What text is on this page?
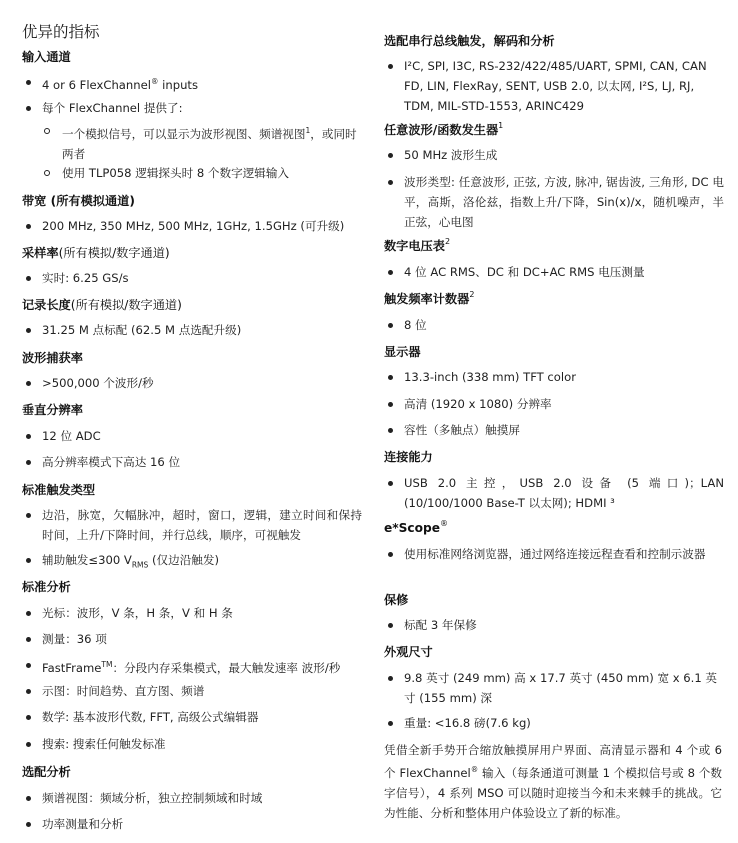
优异的指标
输入通道
4 or 6 FlexChannel® inputs
每个 FlexChannel 提供了:
一个模拟信号，可以显示为波形视图、频谱视图$^1$，或同时两者
使用 TLP058 逻辑探头时 8 个数字逻辑输入
带宽 (所有模拟通道)
200 MHz, 350 MHz, 500 MHz, 1GHz, 1.5GHz (可升级)
采样率(所有模拟/数字通道)
实时: 6.25 GS/s
记录长度(所有模拟/数字通道)
31.25 M 点标配 (62.5 M 点选配升级)
波形捕获率
>500,000 个波形/秒
垂直分辨率
12 位 ADC
高分辨率模式下高达 16 位
标准触发类型
边沿，脉宽，欠幅脉冲，超时，窗口，逻辑，建立时间和保持时间，上升/下降时间，并行总线，顺序，可视触发
辅助触发≤300 $V_{RMS}$ (仅边沿触发)
标准分析
光标：波形，V 条，H 条，V 和 H 条
测量：36 项
FastFrame™：分段内存采集模式，最大触发速率 波形/秒
示图：时间趋势、直方图、频谱
数学: 基本波形代数, FFT, 高级公式编辑器
搜索: 搜索任何触发标准
选配分析
频谱视图：频域分析，独立控制频域和时域
功率测量和分析
选配串行总线触发，解码和分析
I²C, SPI, I3C, RS-232/422/485/UART, SPMI, CAN, CAN FD, LIN, FlexRay, SENT, USB 2.0, 以太网, I²S, LJ, RJ, TDM, MIL-STD-1553, ARINC429
任意波形/函数发生器$^1$
50 MHz 波形生成
波形类型: 任意波形, 正弦, 方波, 脉冲, 锯齿波, 三角形, DC 电平，高斯，洛伦兹，指数上升/下降，Sin(x)/x，随机噪声，半正弦，心电图
数字电压表$^2$
4 位 AC RMS、DC 和 DC+AC RMS 电压测量
触发频率计数器$^2$
8 位
显示器
13.3-inch (338 mm) TFT color
高清 (1920 x 1080) 分辨率
容性（多触点）触摸屏
连接能力
USB 2.0 主控，USB 2.0 设备 (5 端口)；LAN (10/100/1000 Base-T 以太网); HDMI ³
e*Scope®
使用标准网络浏览器，通过网络连接远程查看和控制示波器
保修
标配 3 年保修
外观尺寸
9.8 英寸 (249 mm) 高 x 17.7 英寸 (450 mm) 宽 x 6.1 英寸 (155 mm) 深
重量: <16.8 磅(7.6 kg)
凭借全新手势开合缩放触摸屏用户界面、高清显示器和 4 个或 6 个 FlexChannel® 输入（每条通道可测量 1 个模拟信号或 8 个数字信号），4 系列 MSO 可以随时迎接当今和未来棘手的挑战。它为性能、分析和整体用户体验设立了新的标准。
